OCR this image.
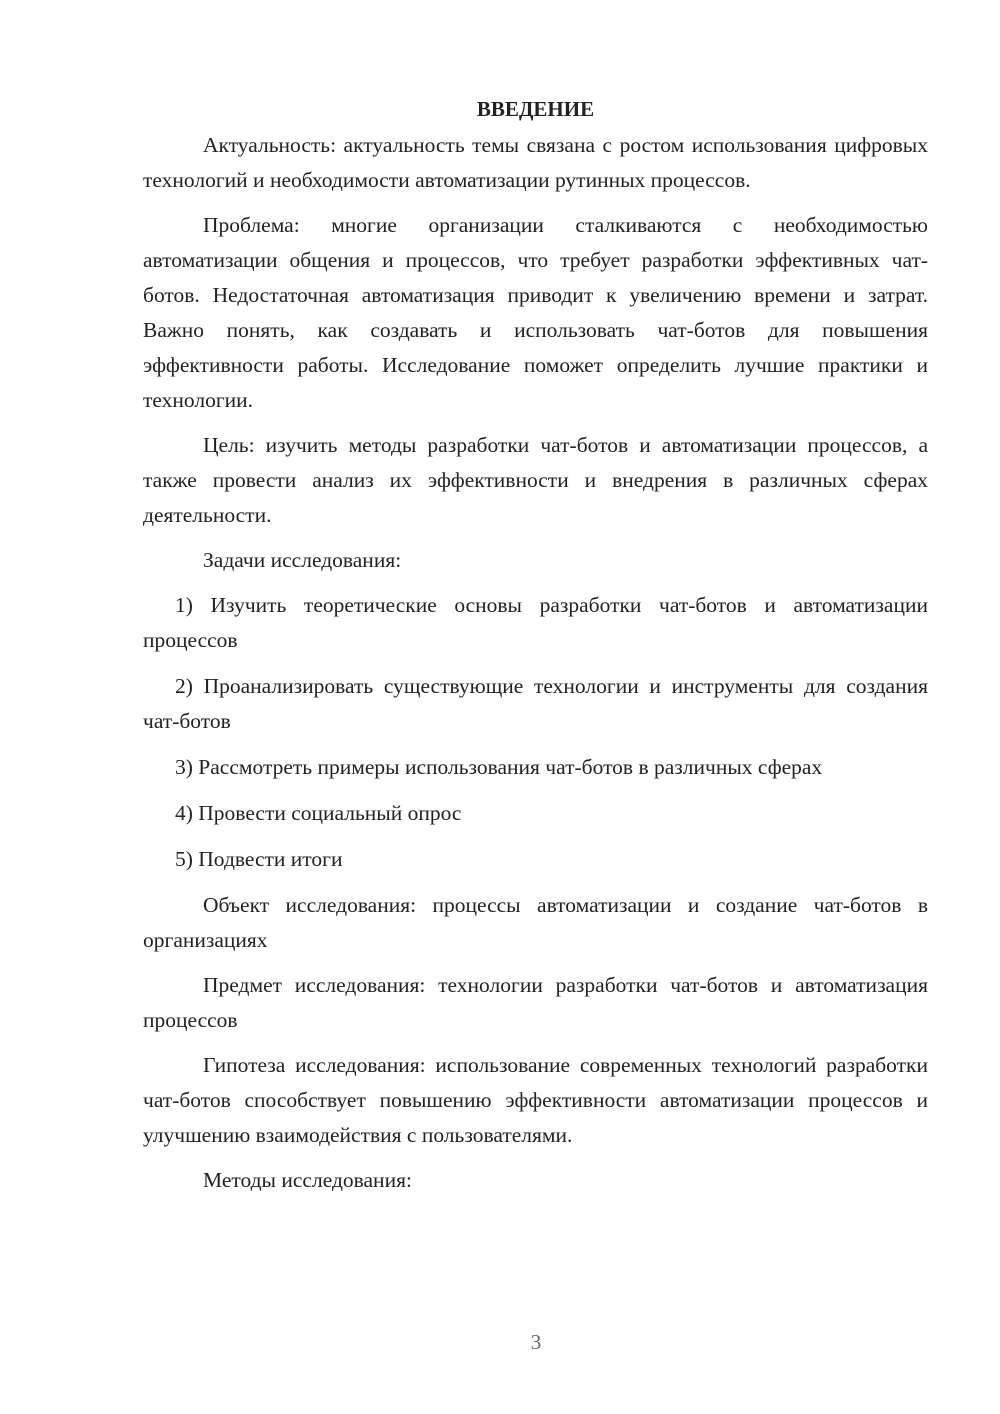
ВВЕДЕНИЕ

Актуальность: актуальность темы связана с ростом использования цифровых технологий и необходимости автоматизации рутинных процессов.

Проблема: многие организации сталкиваются с необходимостью автоматизации общения и процессов, что требует разработки эффективных чат-ботов. Недостаточная автоматизация приводит к увеличению времени и затрат. Важно понять, как создавать и использовать чат-ботов для повышения эффективности работы. Исследование поможет определить лучшие практики и технологии.

Цель: изучить методы разработки чат-ботов и автоматизации процессов, а также провести анализ их эффективности и внедрения в различных сферах деятельности.

Задачи исследования:

1) Изучить теоретические основы разработки чат-ботов и автоматизации процессов

2) Проанализировать существующие технологии и инструменты для создания чат-ботов

3) Рассмотреть примеры использования чат-ботов в различных сферах

4) Провести социальный опрос

5) Подвести итоги

Объект исследования: процессы автоматизации и создание чат-ботов в организациях

Предмет исследования: технологии разработки чат-ботов и автоматизация процессов

Гипотеза исследования: использование современных технологий разработки чат-ботов способствует повышению эффективности автоматизации процессов и улучшению взаимодействия с пользователями.

Методы исследования:

3
